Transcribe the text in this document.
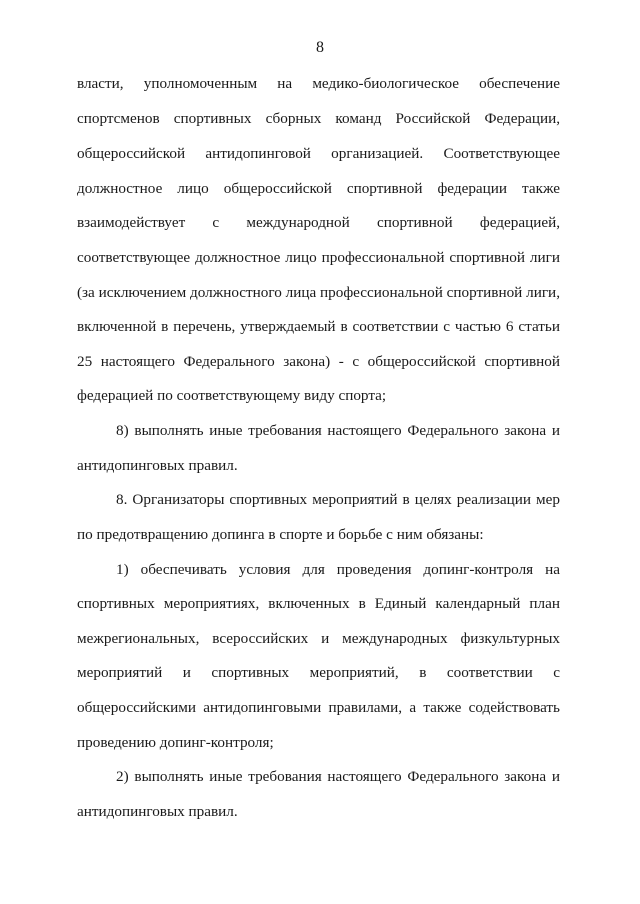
8
власти, уполномоченным на медико-биологическое обеспечение
спортсменов спортивных сборных команд Российской Федерации,
общероссийской антидопинговой организацией. Соответствующее
должностное лицо общероссийской спортивной федерации также
взаимодействует с международной спортивной федерацией,
соответствующее должностное лицо профессиональной спортивной лиги
(за исключением должностного лица профессиональной спортивной лиги,
включенной в перечень, утверждаемый в соответствии с частью 6 статьи
25 настоящего Федерального закона) - с общероссийской спортивной
федерацией по соответствующему виду спорта;
8) выполнять иные требования настоящего Федерального закона и
антидопинговых правил.
8. Организаторы спортивных мероприятий в целях реализации мер
по предотвращению допинга в спорте и борьбе с ним обязаны:
1) обеспечивать условия для проведения допинг-контроля на
спортивных мероприятиях, включенных в Единый календарный план
межрегиональных, всероссийских и международных физкультурных
мероприятий и спортивных мероприятий, в соответствии с
общероссийскими антидопинговыми правилами, а также содействовать
проведению допинг-контроля;
2) выполнять иные требования настоящего Федерального закона и
антидопинговых правил.
